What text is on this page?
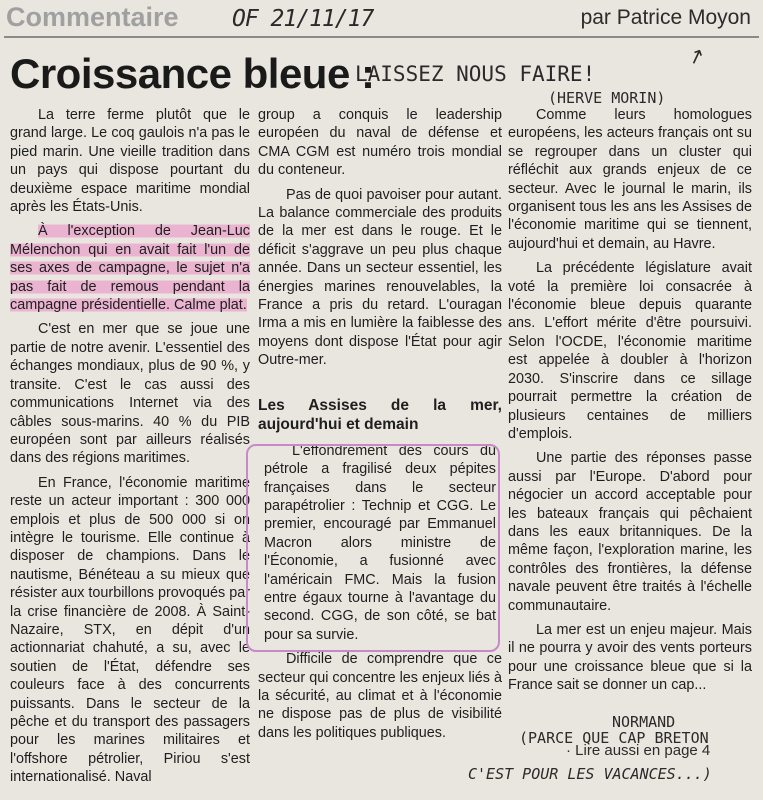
Commentaire OF 21/11/17	par Patrice Moyon
Croissance bleue :
LAISSEZ NOUS FAIRE!
↗
(HERVE MORIN)

La terre ferme plutôt que le grand large. Le coq gaulois n'a pas le pied marin. Une vieille tradition dans un pays qui dispose pourtant du deuxième espace maritime mondial après les États-Unis.

À l'exception de Jean-Luc Mélenchon qui en avait fait l'un de ses axes de campagne, le sujet n'a pas fait de remous pendant la campagne présidentielle. Calme plat.

C'est en mer que se joue une partie de notre avenir. L'essentiel des échanges mondiaux, plus de 90 %, y transite. C'est le cas aussi des communications Internet via des câbles sous-marins. 40 % du PIB européen sont par ailleurs réalisés dans des régions maritimes.

En France, l'économie maritime reste un acteur important : 300 000 emplois et plus de 500 000 si on intègre le tourisme. Elle continue à disposer de champions. Dans le nautisme, Bénéteau a su mieux que résister aux tourbillons provoqués par la crise financière de 2008. À Saint-Nazaire, STX, en dépit d'un actionnariat chahuté, a su, avec le soutien de l'État, défendre ses couleurs face à des concurrents puissants. Dans le secteur de la pêche et du transport des passagers pour les marines militaires et l'offshore pétrolier, Piriou s'est internationalisé. Naval

group a conquis le leadership européen du naval de défense et CMA CGM est numéro trois mondial du conteneur.

Pas de quoi pavoiser pour autant. La balance commerciale des produits de la mer est dans le rouge. Et le déficit s'aggrave un peu plus chaque année. Dans un secteur essentiel, les énergies marines renouvelables, la France a pris du retard. L'ouragan Irma a mis en lumière la faiblesse des moyens dont dispose l'État pour agir Outre-mer.

Les Assises de la mer, aujourd'hui et demain

L'effondrement des cours du pétrole a fragilisé deux pépites françaises dans le secteur parapétrolier : Technip et CGG. Le premier, encouragé par Emmanuel Macron alors ministre de l'Économie, a fusionné avec l'américain FMC. Mais la fusion entre égaux tourne à l'avantage du second. CGG, de son côté, se bat pour sa survie.

Difficile de comprendre que ce secteur qui concentre les enjeux liés à la sécurité, au climat et à l'économie ne dispose pas de plus de visibilité dans les politiques publiques.

Comme leurs homologues européens, les acteurs français ont su se regrouper dans un cluster qui réfléchit aux grands enjeux de ce secteur. Avec le journal le marin, ils organisent tous les ans les Assises de l'économie maritime qui se tiennent, aujourd'hui et demain, au Havre.

La précédente législature avait voté la première loi consacrée à l'économie bleue depuis quarante ans. L'effort mérite d'être poursuivi. Selon l'OCDE, l'économie maritime est appelée à doubler à l'horizon 2030. S'inscrire dans ce sillage pourrait permettre la création de plusieurs centaines de milliers d'emplois.

Une partie des réponses passe aussi par l'Europe. D'abord pour négocier un accord acceptable pour les bateaux français qui pêchaient dans les eaux britanniques. De la même façon, l'exploration marine, les contrôles des frontières, la défense navale peuvent être traités à l'échelle communautaire.

La mer est un enjeu majeur. Mais il ne pourra y avoir des vents porteurs pour une croissance bleue que si la France sait se donner un cap...

NORMAND
(PARCE QUE CAP BRETON
· Lire aussi en page 4
C'EST POUR LES VACANCES...)
